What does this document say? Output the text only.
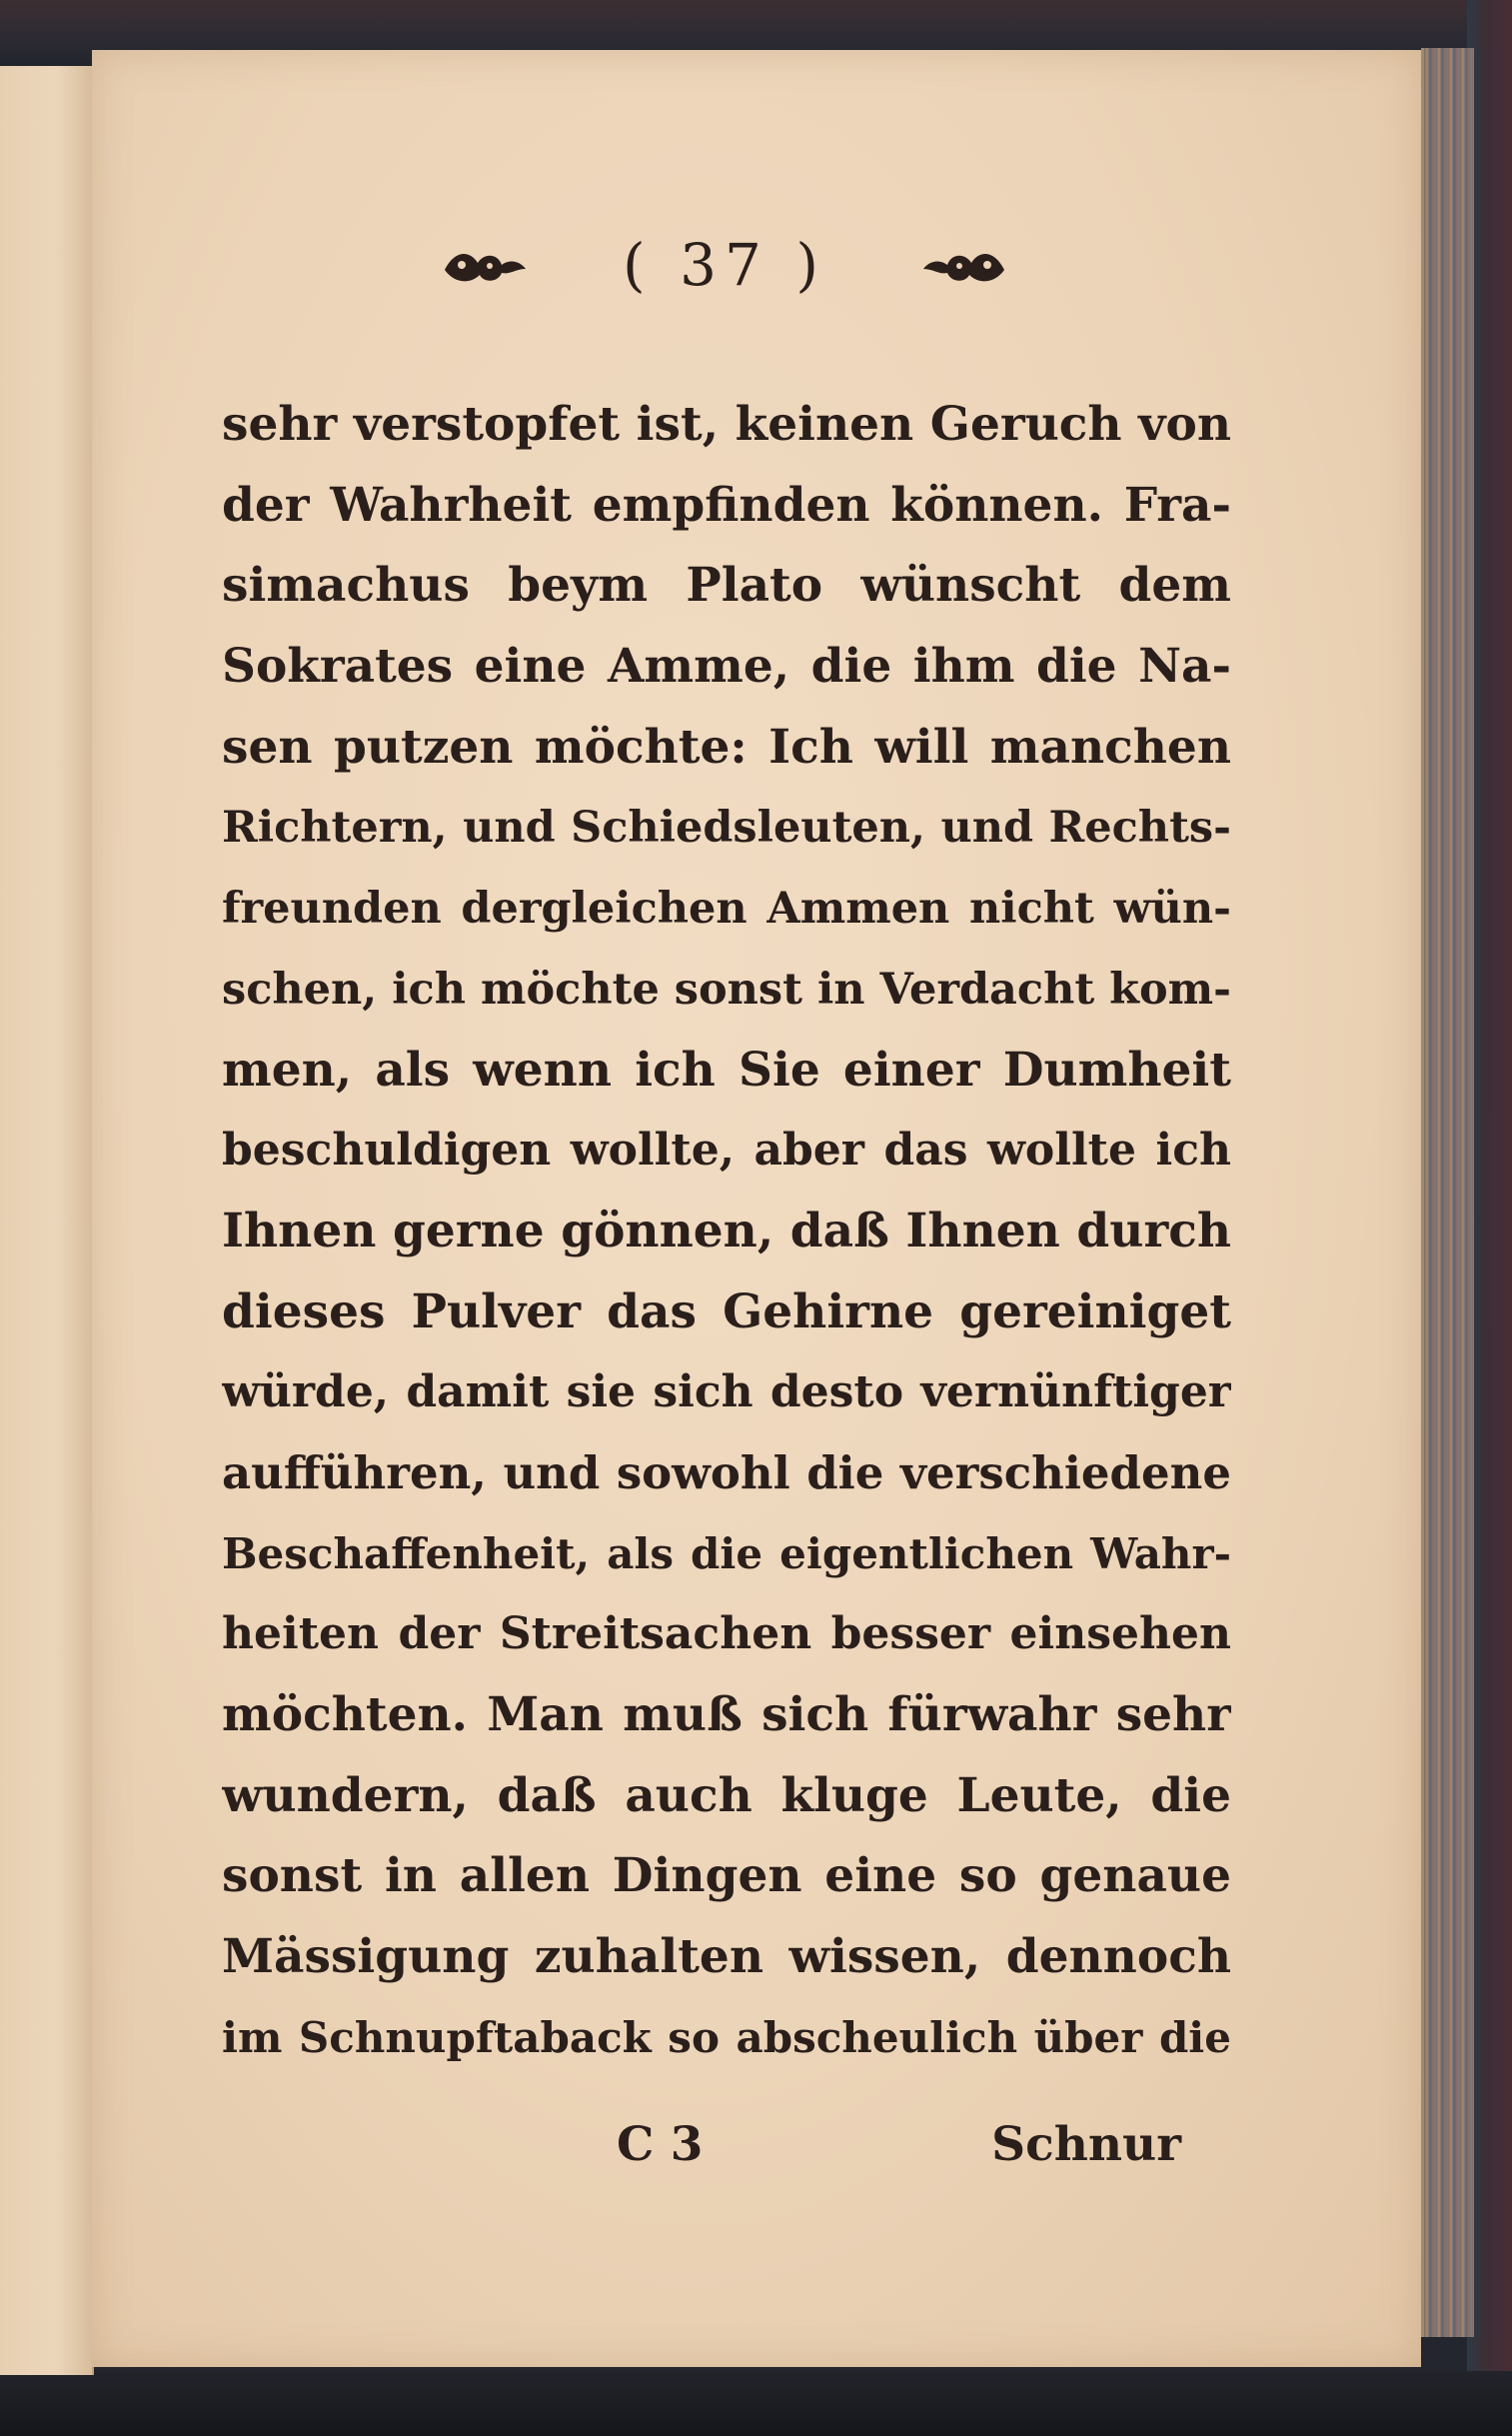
( 37 )
sehr verstopfet ist, keinen Geruch von
der Wahrheit empfinden können. Fra-
simachus beym Plato wünscht dem
Sokrates eine Amme, die ihm die Na-
sen putzen möchte: Ich will manchen
Richtern, und Schiedsleuten, und Rechts-
freunden dergleichen Ammen nicht wün-
schen, ich möchte sonst in Verdacht kom-
men, als wenn ich Sie einer Dumheit
beschuldigen wollte, aber das wollte ich
Ihnen gerne gönnen, daß Ihnen durch
dieses Pulver das Gehirne gereiniget
würde, damit sie sich desto vernünftiger
aufführen, und sowohl die verschiedene
Beschaffenheit, als die eigentlichen Wahr-
heiten der Streitsachen besser einsehen
möchten. Man muß sich fürwahr sehr
wundern, daß auch kluge Leute, die
sonst in allen Dingen eine so genaue
Mässigung zuhalten wissen, dennoch
im Schnupftaback so abscheulich über die
C 3	Schnur
